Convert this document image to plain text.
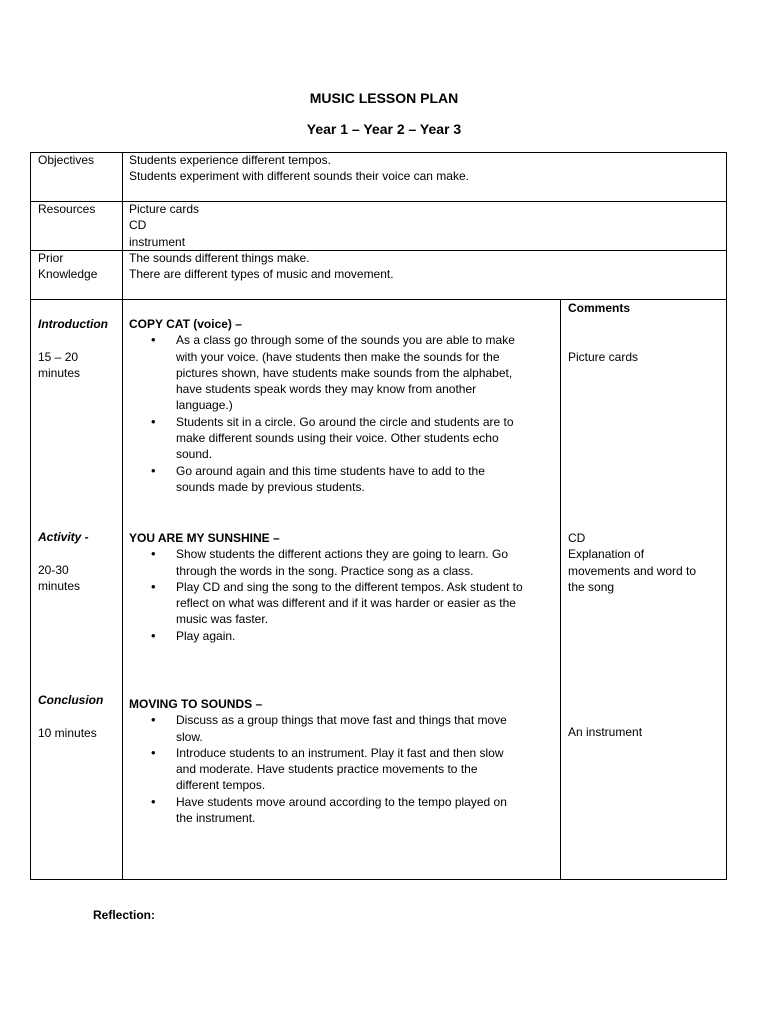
MUSIC LESSON PLAN
Year 1 – Year 2 – Year 3
Objectives	Students experience different tempos.
Students experiment with different sounds their voice can make.
Resources	Picture cards
CD
instrument
Prior
Knowledge
The sounds different things make.
There are different types of music and movement.
Comments
Introduction
15 – 20
minutes
COPY CAT (voice) –
• As a class go through some of the sounds you are able to make
with your voice. (have students then make the sounds for the
pictures shown, have students make sounds from the alphabet,
have students speak words they may know from another
language.)
• Students sit in a circle. Go around the circle and students are to
make different sounds using their voice. Other students echo
sound.
• Go around again and this time students have to add to the
sounds made by previous students.
Picture cards
Activity -
20-30
minutes
YOU ARE MY SUNSHINE –
• Show students the different actions they are going to learn. Go
through the words in the song. Practice song as a class.
• Play CD and sing the song to the different tempos. Ask student to
reflect on what was different and if it was harder or easier as the
music was faster.
• Play again.
CD
Explanation of
movements and word to
the song
Conclusion
10 minutes
MOVING TO SOUNDS –
• Discuss as a group things that move fast and things that move
slow.
• Introduce students to an instrument. Play it fast and then slow
and moderate. Have students practice movements to the
different tempos.
• Have students move around according to the tempo played on
the instrument.
An instrument
Reflection:
